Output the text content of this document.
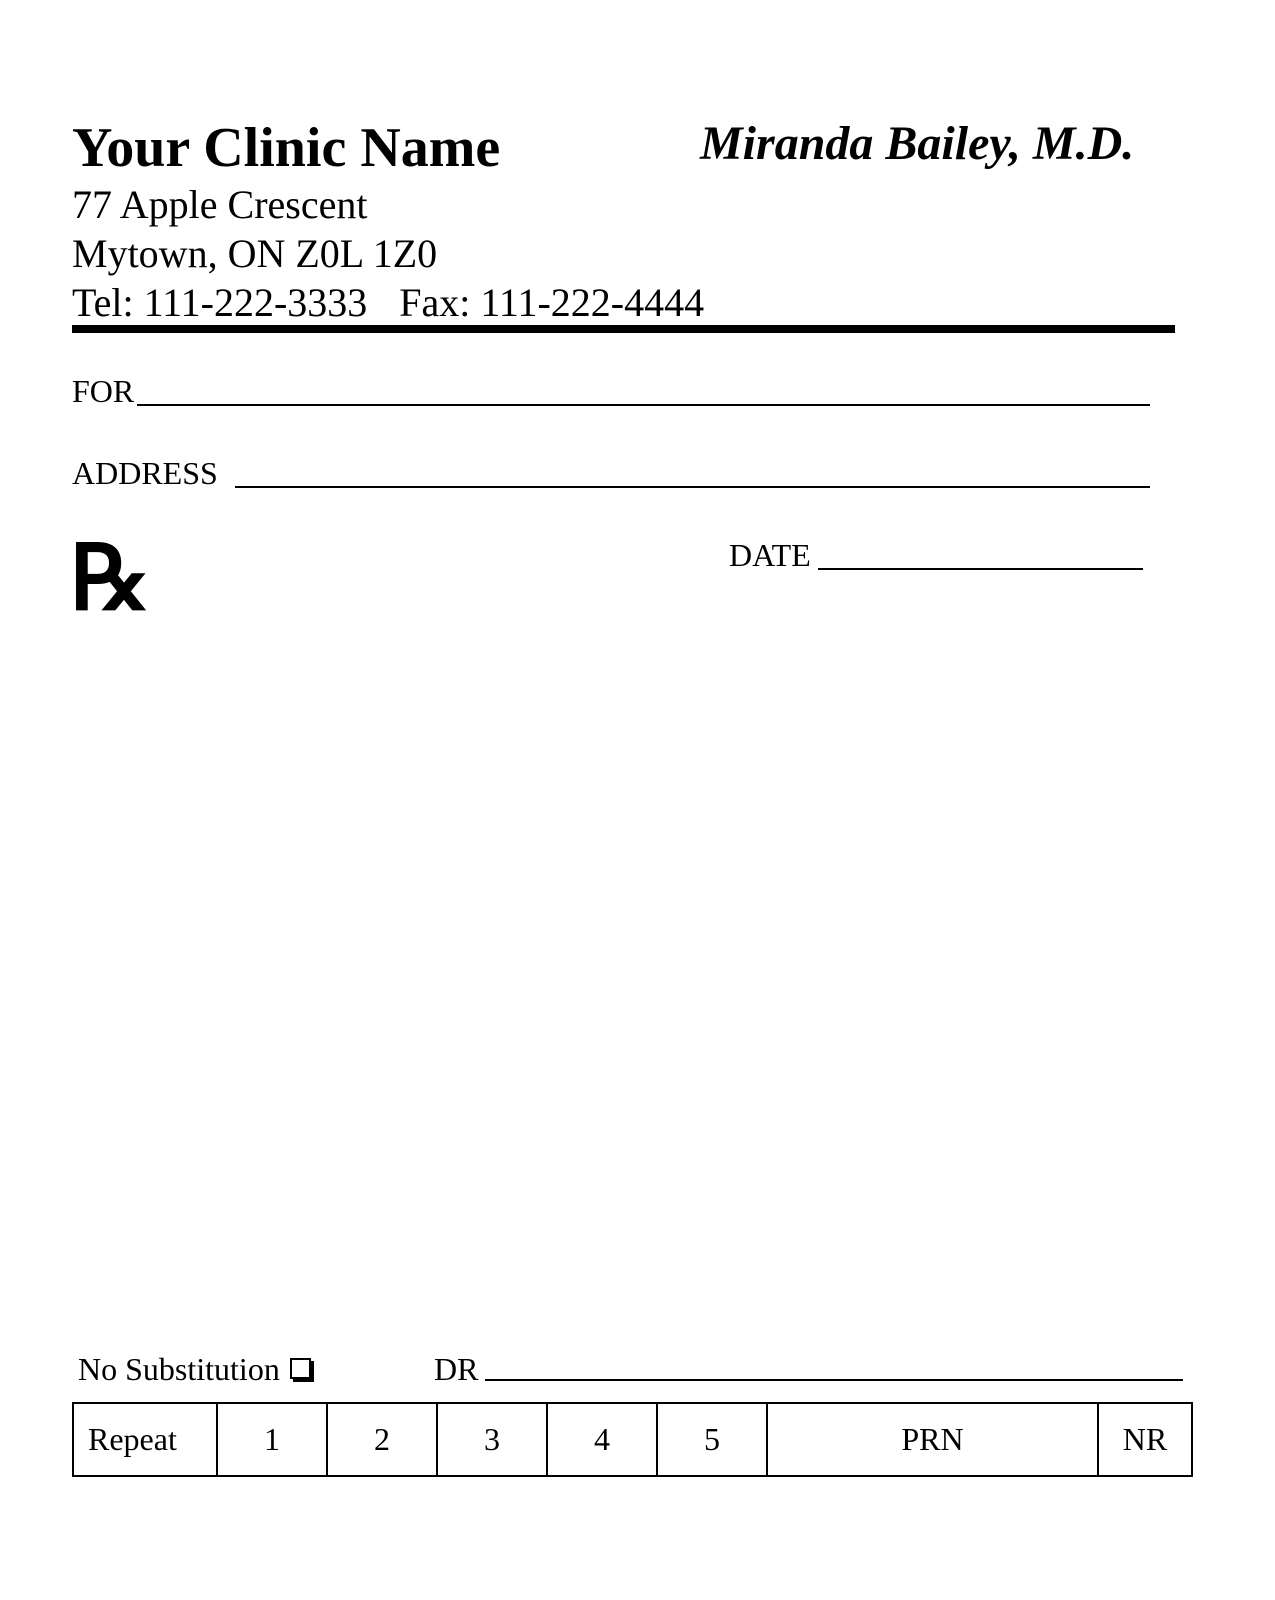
Your Clinic Name	Miranda Bailey, M.D.
77 Apple Crescent
Mytown, ON Z0L 1Z0
Tel: 111-222-3333 Fax: 111-222-4444
FOR
ADDRESS
DATE
℞
No Substitution	DR
Repeat	1	2	3	4	5	PRN	NR
